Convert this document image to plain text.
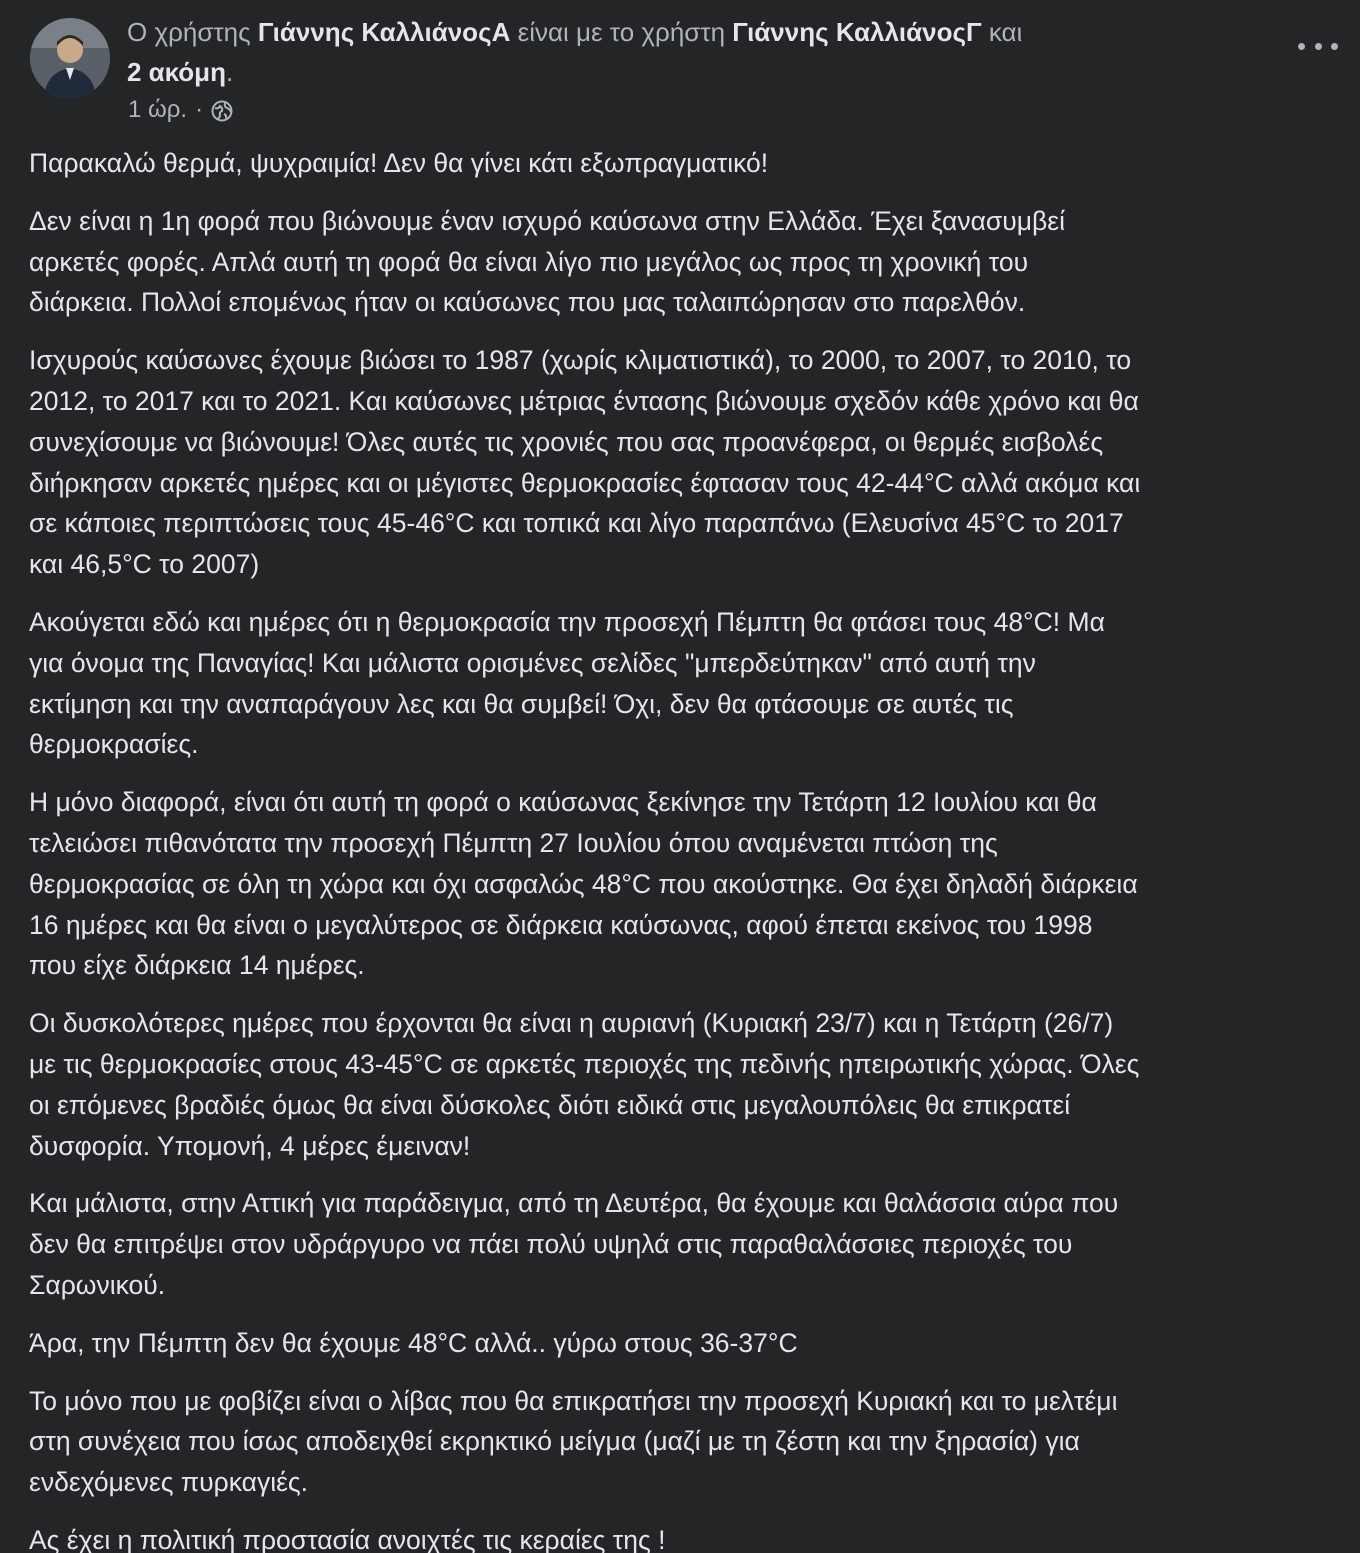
Ο χρήστης Γιάννης ΚαλλιάνοςΑ είναι με το χρήστη Γιάννης ΚαλλιάνοςΓ και
2 ακόμη.
1 ώρ. ·

Παρακαλώ θερμά, ψυχραιμία! Δεν θα γίνει κάτι εξωπραγματικό!

Δεν είναι η 1η φορά που βιώνουμε έναν ισχυρό καύσωνα στην Ελλάδα. Έχει ξανασυμβεί
αρκετές φορές. Απλά αυτή τη φορά θα είναι λίγο πιο μεγάλος ως προς τη χρονική του
διάρκεια. Πολλοί επομένως ήταν οι καύσωνες που μας ταλαιπώρησαν στο παρελθόν.

Ισχυρούς καύσωνες έχουμε βιώσει το 1987 (χωρίς κλιματιστικά), το 2000, το 2007, το 2010, το
2012, το 2017 και το 2021. Και καύσωνες μέτριας έντασης βιώνουμε σχεδόν κάθε χρόνο και θα
συνεχίσουμε να βιώνουμε! Όλες αυτές τις χρονιές που σας προανέφερα, οι θερμές εισβολές
διήρκησαν αρκετές ημέρες και οι μέγιστες θερμοκρασίες έφτασαν τους 42-44°C αλλά ακόμα και
σε κάποιες περιπτώσεις τους 45-46°C και τοπικά και λίγο παραπάνω (Ελευσίνα 45°C το 2017
και 46,5°C το 2007)

Ακούγεται εδώ και ημέρες ότι η θερμοκρασία την προσεχή Πέμπτη θα φτάσει τους 48°C! Μα
για όνομα της Παναγίας! Και μάλιστα ορισμένες σελίδες "μπερδεύτηκαν" από αυτή την
εκτίμηση και την αναπαράγουν λες και θα συμβεί! Όχι, δεν θα φτάσουμε σε αυτές τις
θερμοκρασίες.

Η μόνο διαφορά, είναι ότι αυτή τη φορά ο καύσωνας ξεκίνησε την Τετάρτη 12 Ιουλίου και θα
τελειώσει πιθανότατα την προσεχή Πέμπτη 27 Ιουλίου όπου αναμένεται πτώση της
θερμοκρασίας σε όλη τη χώρα και όχι ασφαλώς 48°C που ακούστηκε. Θα έχει δηλαδή διάρκεια
16 ημέρες και θα είναι ο μεγαλύτερος σε διάρκεια καύσωνας, αφού έπεται εκείνος του 1998
που είχε διάρκεια 14 ημέρες.

Οι δυσκολότερες ημέρες που έρχονται θα είναι η αυριανή (Κυριακή 23/7) και η Τετάρτη (26/7)
με τις θερμοκρασίες στους 43-45°C σε αρκετές περιοχές της πεδινής ηπειρωτικής χώρας. Όλες
οι επόμενες βραδιές όμως θα είναι δύσκολες διότι ειδικά στις μεγαλουπόλεις θα επικρατεί
δυσφορία. Υπομονή, 4 μέρες έμειναν!

Και μάλιστα, στην Αττική για παράδειγμα, από τη Δευτέρα, θα έχουμε και θαλάσσια αύρα που
δεν θα επιτρέψει στον υδράργυρο να πάει πολύ υψηλά στις παραθαλάσσιες περιοχές του
Σαρωνικού.

Άρα, την Πέμπτη δεν θα έχουμε 48°C αλλά.. γύρω στους 36-37°C

Το μόνο που με φοβίζει είναι ο λίβας που θα επικρατήσει την προσεχή Κυριακή και το μελτέμι
στη συνέχεια που ίσως αποδειχθεί εκρηκτικό μείγμα (μαζί με τη ζέστη και την ξηρασία) για
ενδεχόμενες πυρκαγιές.

Ας έχει η πολιτική προστασία ανοιχτές τις κεραίες της !
